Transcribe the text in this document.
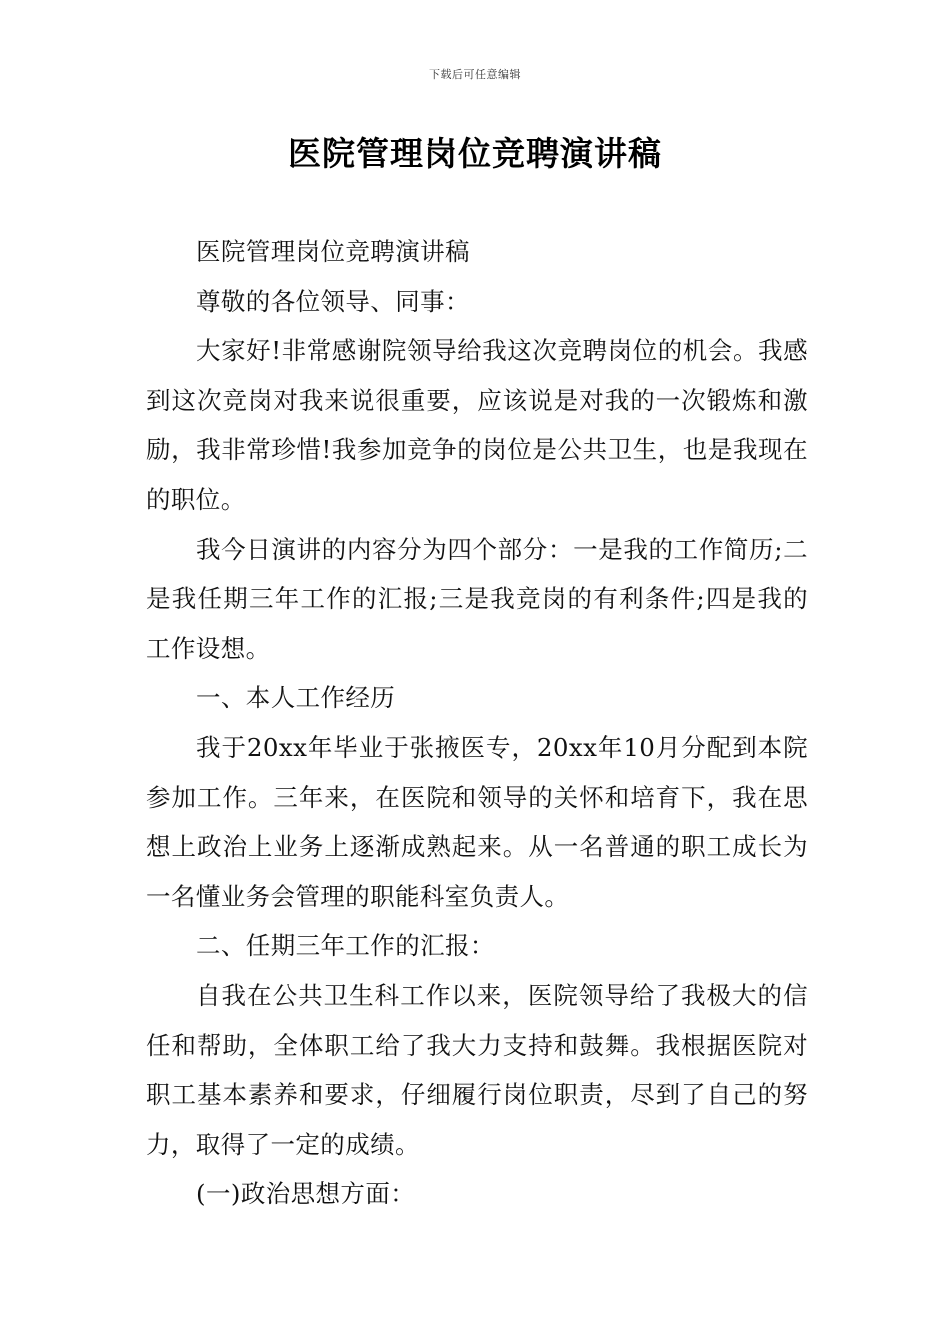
下载后可任意编辑
医院管理岗位竞聘演讲稿

医院管理岗位竞聘演讲稿

尊敬的各位领导、同事：

大家好!非常感谢院领导给我这次竞聘岗位的机会。我感到这次竞岗对我来说很重要，应该说是对我的一次锻炼和激励，我非常珍惜!我参加竞争的岗位是公共卫生，也是我现在的职位。

我今日演讲的内容分为四个部分：一是我的工作简历;二是我任期三年工作的汇报;三是我竞岗的有利条件;四是我的工作设想。

一、本人工作经历

我于20xx年毕业于张掖医专，20xx年10月分配到本院参加工作。三年来，在医院和领导的关怀和培育下，我在思想上政治上业务上逐渐成熟起来。从一名普通的职工成长为一名懂业务会管理的职能科室负责人。

二、任期三年工作的汇报：

自我在公共卫生科工作以来，医院领导给了我极大的信任和帮助，全体职工给了我大力支持和鼓舞。我根据医院对职工基本素养和要求，仔细履行岗位职责，尽到了自己的努力，取得了一定的成绩。

(一)政治思想方面：
